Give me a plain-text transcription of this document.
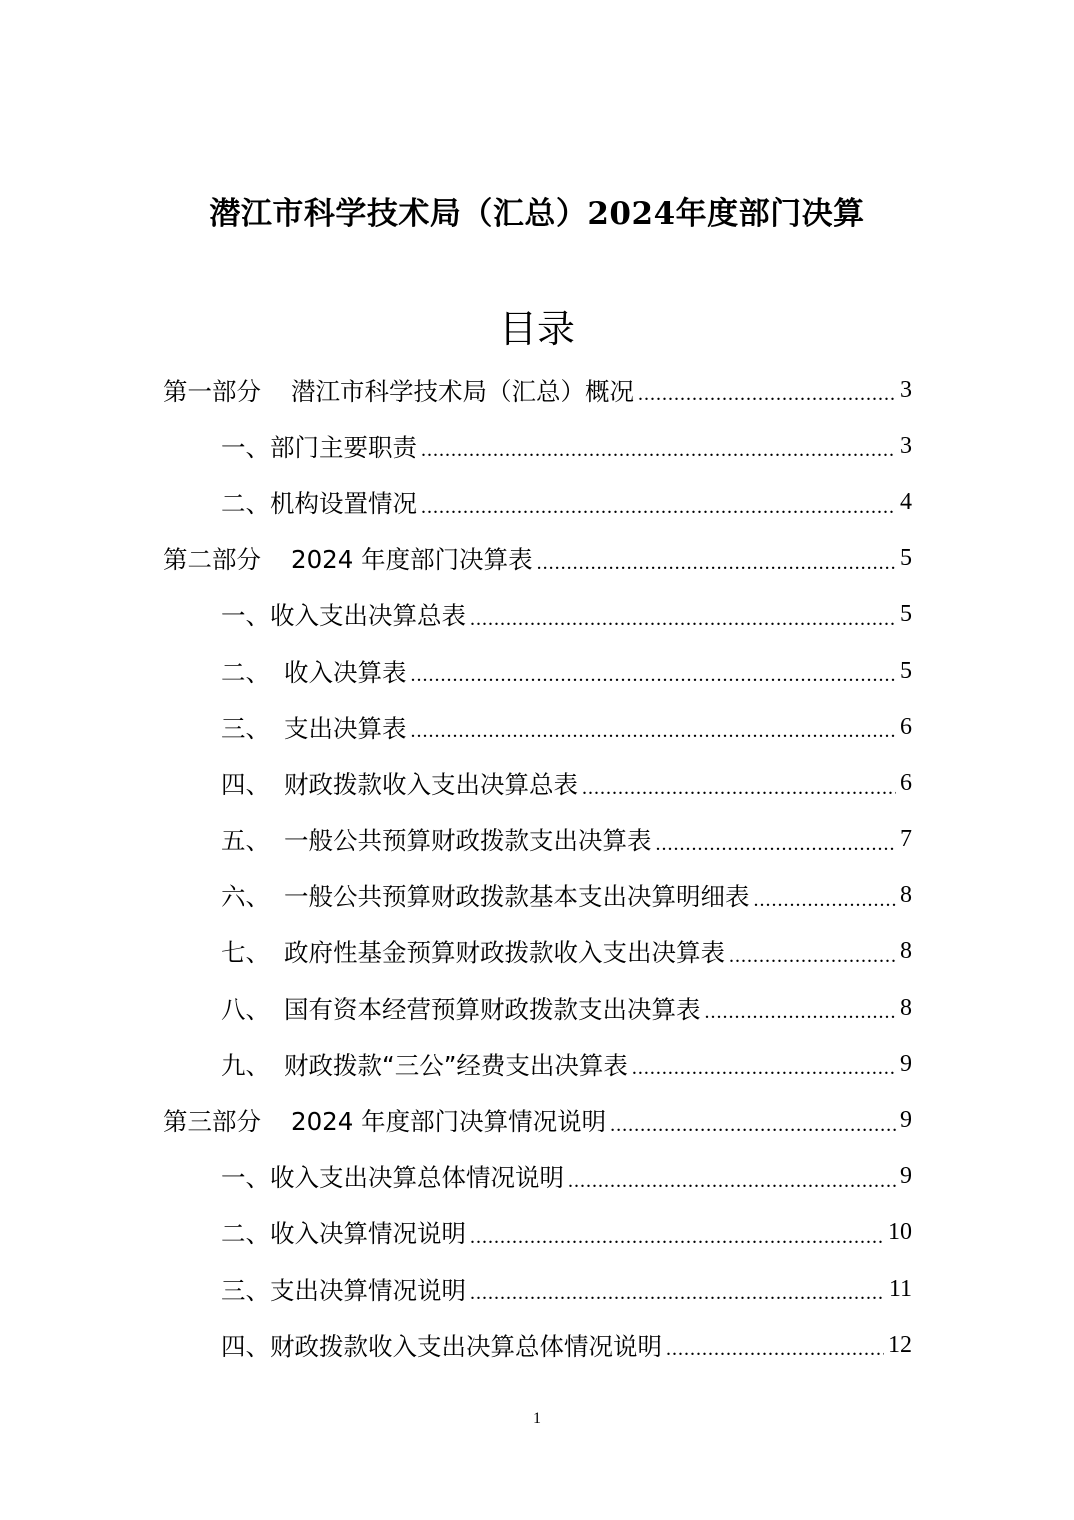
潜江市科学技术局（汇总）2024年度部门决算
目录
第一部分 潜江市科学技术局（汇总）概况 .....	3
一、部门主要职责 .....	3
二、机构设置情况 .....	4
第二部分 2024 年度部门决算表 .....	5
一、收入支出决算总表 .....	5
二、 收入决算表 .....	5
三、 支出决算表 .....	6
四、 财政拨款收入支出决算总表 .....	6
五、 一般公共预算财政拨款支出决算表 .....	7
六、 一般公共预算财政拨款基本支出决算明细表 .....	8
七、 政府性基金预算财政拨款收入支出决算表 .....	8
八、 国有资本经营预算财政拨款支出决算表 .....	8
九、 财政拨款“三公”经费支出决算表 .....	9
第三部分 2024 年度部门决算情况说明 .....	9
一、收入支出决算总体情况说明 .....	9
二、收入决算情况说明 .....	10
三、支出决算情况说明 .....	11
四、财政拨款收入支出决算总体情况说明 .....	12
1
